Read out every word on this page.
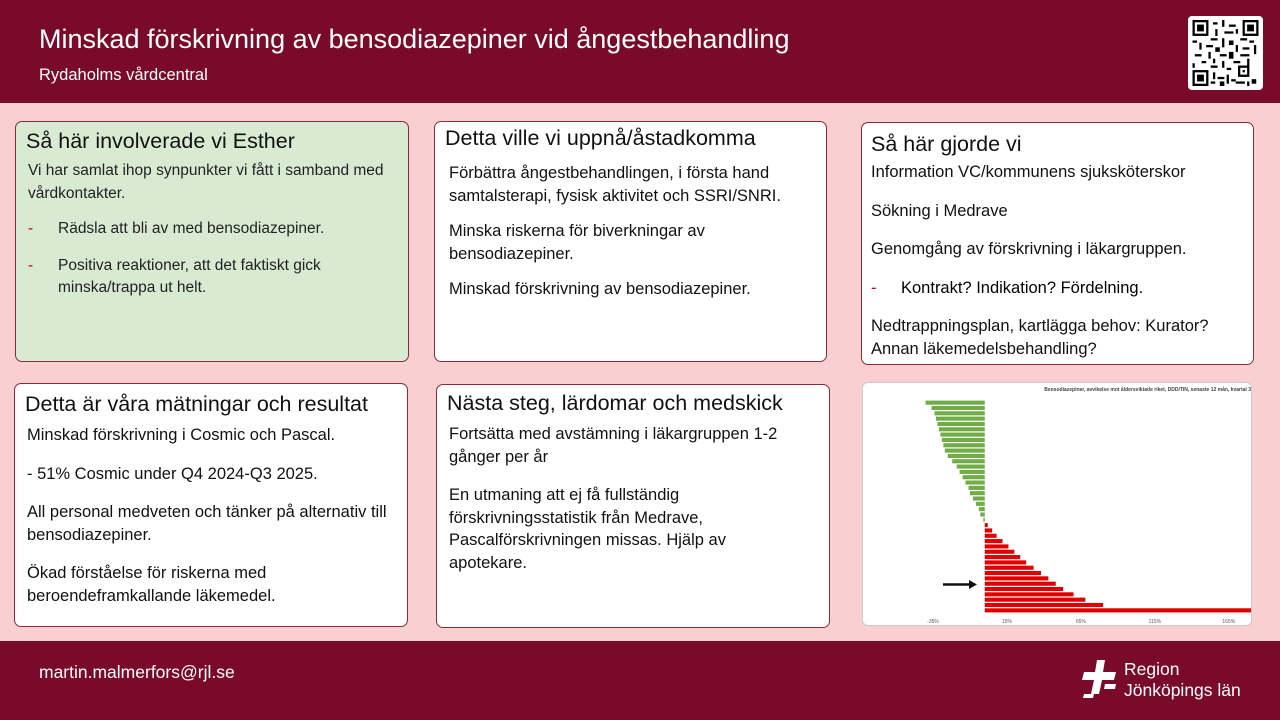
Minskad förskrivning av bensodiazepiner vid ångestbehandling
Rydaholms vårdcentral
Så här involverade vi Esther

Vi har samlat ihop synpunkter vi fått i samband med vårdkontakter.

-	Rädsla att bli av med bensodiazepiner.
-	Positiva reaktioner, att det faktiskt gick minska/trappa ut helt.
Detta ville vi uppnå/åstadkomma

Förbättra ångestbehandlingen, i första hand samtalsterapi, fysisk aktivitet och SSRI/SNRI.

Minska riskerna för biverkningar av bensodiazepiner.

Minskad förskrivning av bensodiazepiner.

Så här gjorde vi

Information VC/kommunens sjuksköterskor

Sökning i Medrave

Genomgång av förskrivning i läkargruppen.

-	Kontrakt? Indikation? Fördelning.

Nedtrappningsplan, kartlägga behov: Kurator? Annan läkemedelsbehandling?

Detta är våra mätningar och resultat

Minskad förskrivning i Cosmic och Pascal.

- 51% Cosmic under Q4 2024-Q3 2025.

All personal medveten och tänker på alternativ till bensodiazepiner.

Ökad förståelse för riskerna med beroendeframkallande läkemedel.

Nästa steg, lärdomar och medskick

Fortsätta med avstämning i läkargruppen 1-2 gånger per år

En utmaning att ej få fullständig förskrivningsstatistik från Medrave, Pascalförskrivningen missas. Hjälp av apotekare.

Bensodiazepiner, avvikelse mot åldersviktade riket, DDD/TIN, senaste 12 mån, kvartal 3
-35%	15%	65%	115%	165%
martin.malmerfors@rjl.se	Region
Jönköpings län
